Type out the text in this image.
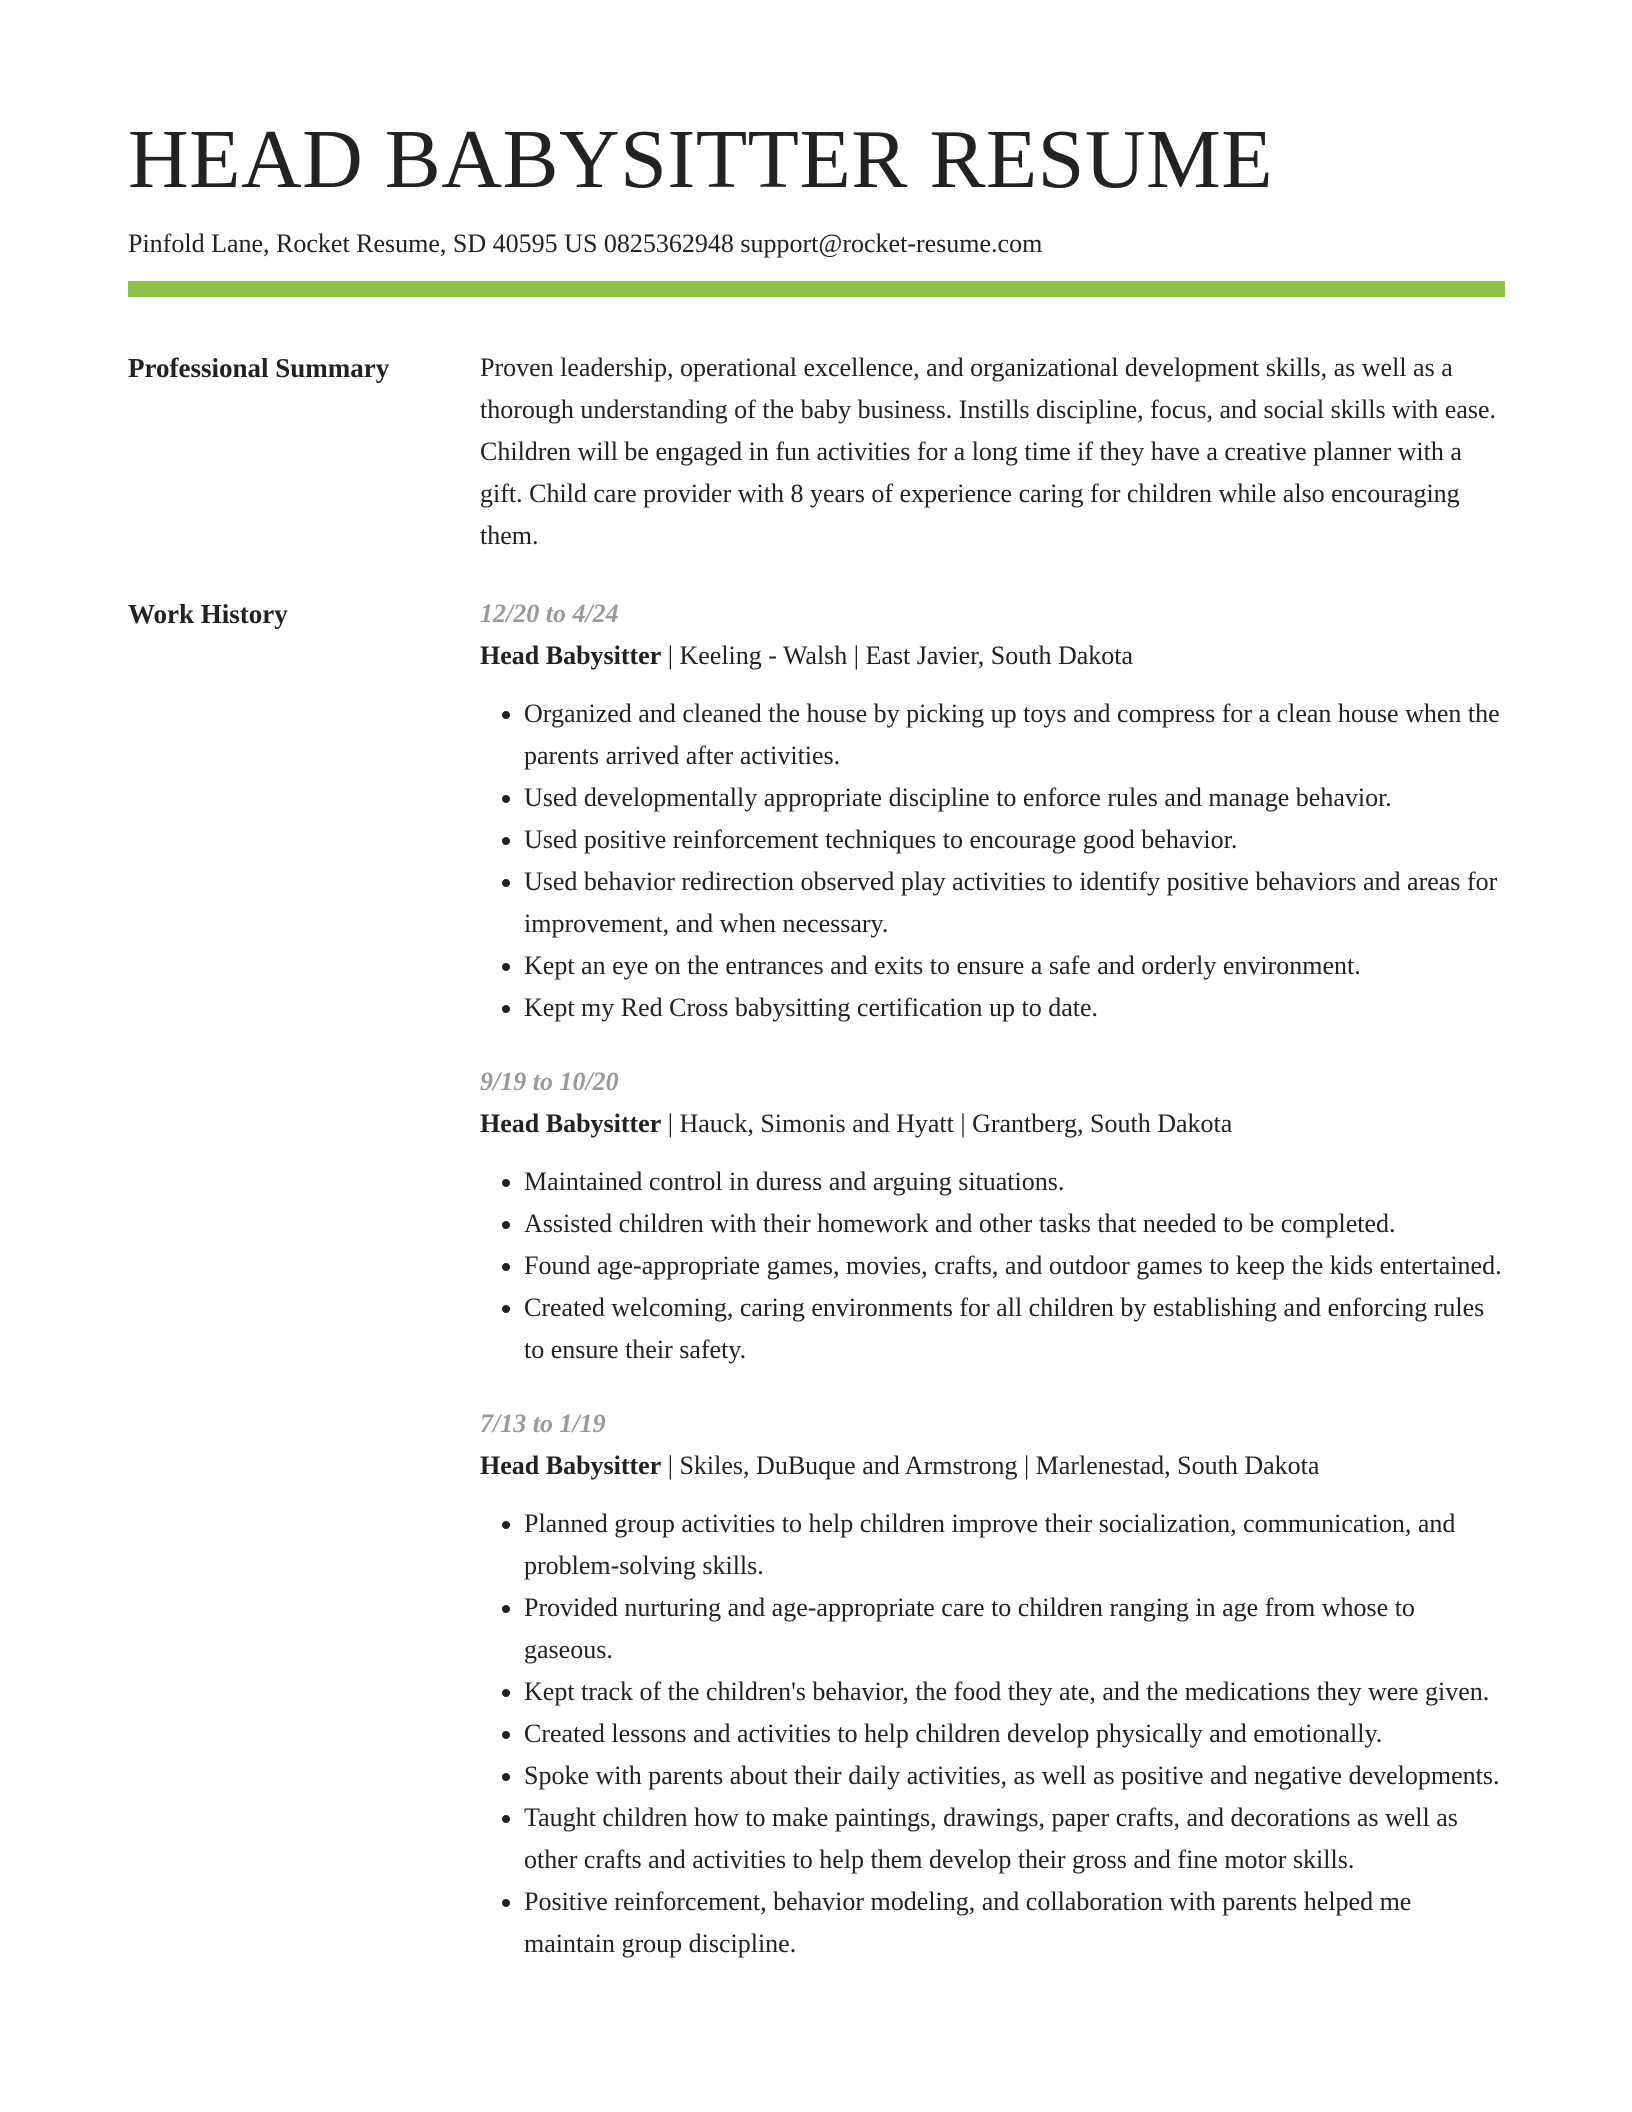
HEAD BABYSITTER RESUME
Pinfold Lane, Rocket Resume, SD 40595 US 0825362948 support@rocket-resume.com
Professional Summary	Proven leadership, operational excellence, and organizational development skills, as well as a thorough understanding of the baby business. Instills discipline, focus, and social skills with ease. Children will be engaged in fun activities for a long time if they have a creative planner with a gift. Child care provider with 8 years of experience caring for children while also encouraging them.

Work History	12/20 to 4/24
Head Babysitter | Keeling - Walsh | East Javier, South Dakota
• Organized and cleaned the house by picking up toys and compress for a clean house when the parents arrived after activities.
• Used developmentally appropriate discipline to enforce rules and manage behavior.
• Used positive reinforcement techniques to encourage good behavior.
• Used behavior redirection observed play activities to identify positive behaviors and areas for improvement, and when necessary.
• Kept an eye on the entrances and exits to ensure a safe and orderly environment.
• Kept my Red Cross babysitting certification up to date.
9/19 to 10/20
Head Babysitter | Hauck, Simonis and Hyatt | Grantberg, South Dakota
• Maintained control in duress and arguing situations.
• Assisted children with their homework and other tasks that needed to be completed.
• Found age-appropriate games, movies, crafts, and outdoor games to keep the kids entertained.
• Created welcoming, caring environments for all children by establishing and enforcing rules to ensure their safety.
7/13 to 1/19
Head Babysitter | Skiles, DuBuque and Armstrong | Marlenestad, South Dakota
• Planned group activities to help children improve their socialization, communication, and problem-solving skills.
• Provided nurturing and age-appropriate care to children ranging in age from whose to gaseous.
• Kept track of the children's behavior, the food they ate, and the medications they were given.
• Created lessons and activities to help children develop physically and emotionally.
• Spoke with parents about their daily activities, as well as positive and negative developments.
• Taught children how to make paintings, drawings, paper crafts, and decorations as well as other crafts and activities to help them develop their gross and fine motor skills.
• Positive reinforcement, behavior modeling, and collaboration with parents helped me maintain group discipline.
